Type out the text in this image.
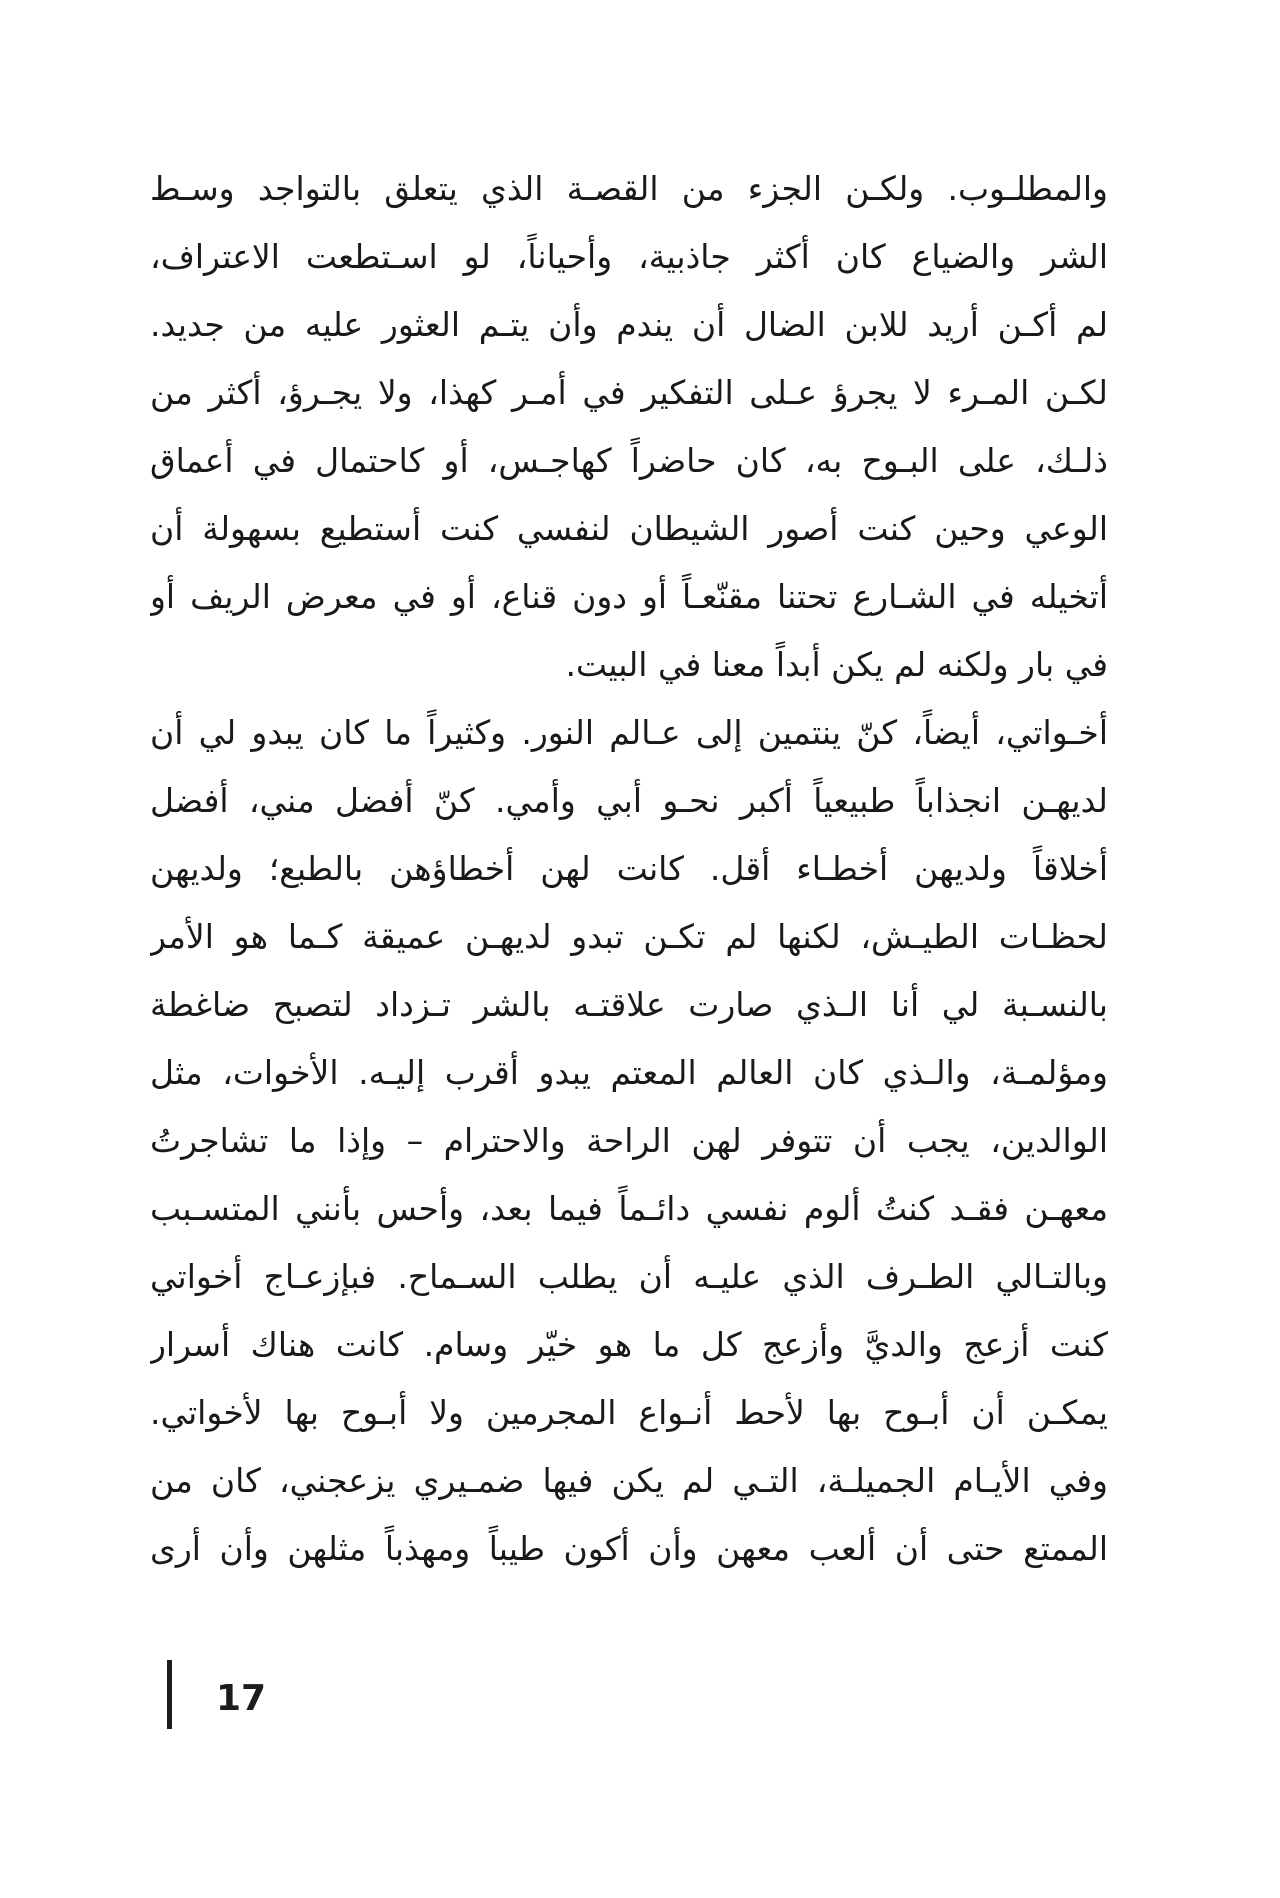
والمطلـوب. ولكـن الجزء من القصـة الذي يتعلق بالتواجد وسـط
الشر والضياع كان أكثر جاذبية، وأحياناً، لو اسـتطعت الاعتراف،
لم أكـن أريد للابن الضال أن يندم وأن يتـم العثور عليه من جديد.
لكـن المـرء لا يجرؤ عـلى التفكير في أمـر كهذا، ولا يجـرؤ، أكثر من
ذلـك، على البـوح به، كان حاضراً كهاجـس، أو كاحتمال في أعماق
الوعي وحين كنت أصور الشيطان لنفسي كنت أستطيع بسهولة أن
أتخيله في الشـارع تحتنا مقنّعـاً أو دون قناع، أو في معرض الريف أو
في بار ولكنه لم يكن أبداً معنا في البيت.
أخـواتي، أيضاً، كنّ ينتمين إلى عـالم النور. وكثيراً ما كان يبدو لي أن
لديهـن انجذاباً طبيعياً أكبر نحـو أبي وأمي. كنّ أفضل مني، أفضل
أخلاقاً ولديهن أخطـاء أقل. كانت لهن أخطاؤهن بالطبع؛ ولديهن
لحظـات الطيـش، لكنها لم تكـن تبدو لديهـن عميقة كـما هو الأمر
بالنسـبة لي أنا الـذي صارت علاقتـه بالشر تـزداد لتصبح ضاغطة
ومؤلمـة، والـذي كان العالم المعتم يبدو أقرب إليـه. الأخوات، مثل
الوالدين، يجب أن تتوفر لهن الراحة والاحترام – وإذا ما تشاجرتُ
معهـن فقـد كنتُ ألوم نفسي دائـماً فيما بعد، وأحس بأنني المتسـبب
وبالتـالي الطـرف الذي عليـه أن يطلب السـماح. فبإزعـاج أخواتي
كنت أزعج والديَّ وأزعج كل ما هو خيّر وسام. كانت هناك أسرار
يمكـن أن أبـوح بها لأحط أنـواع المجرمين ولا أبـوح بها لأخواتي.
وفي الأيـام الجميلـة، التـي لم يكن فيها ضمـيري يزعجني، كان من
الممتع حتى أن ألعب معهن وأن أكون طيباً ومهذباً مثلهن وأن أرى
17
